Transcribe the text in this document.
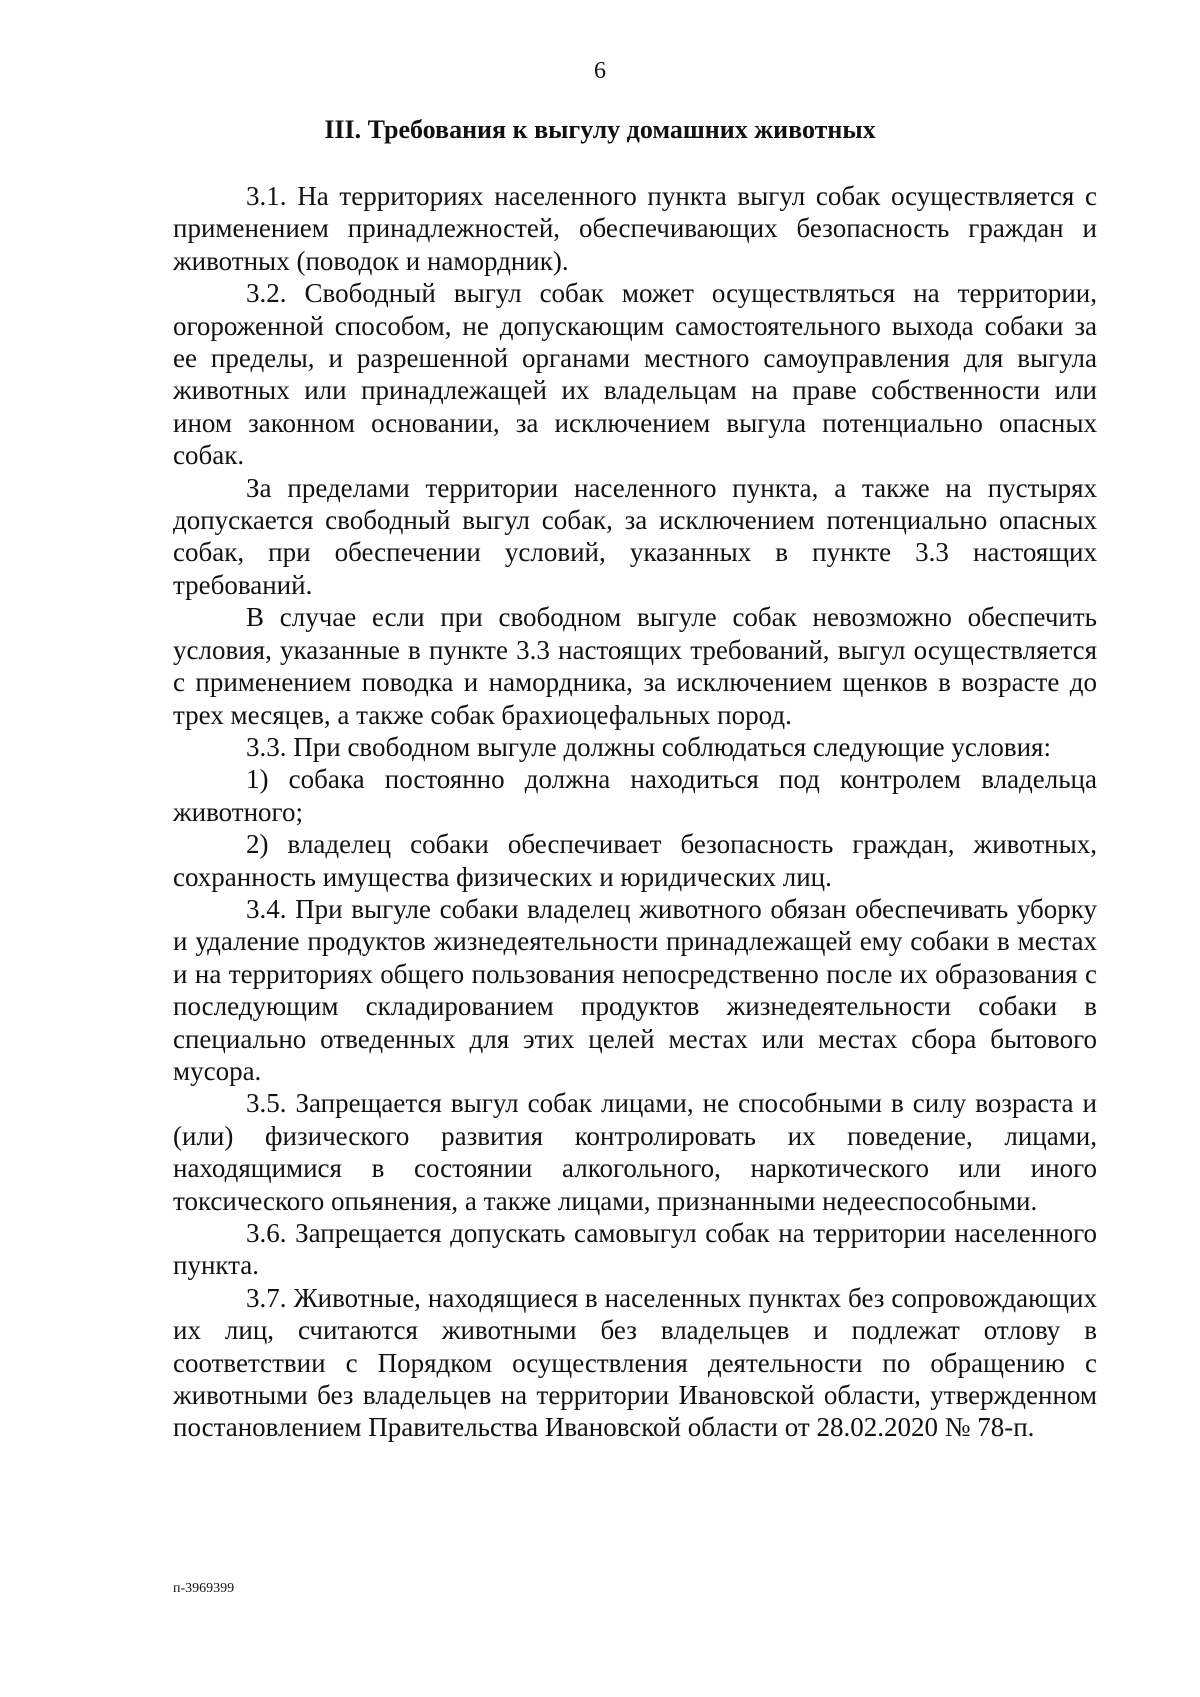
6
III. Требования к выгулу домашних животных

3.1. На территориях населенного пункта выгул собак осуществляется с применением принадлежностей, обеспечивающих безопасность граждан и животных (поводок и намордник).

3.2. Свободный выгул собак может осуществляться на территории, огороженной способом, не допускающим самостоятельного выхода собаки за ее пределы, и разрешенной органами местного самоуправления для выгула животных или принадлежащей их владельцам на праве собственности или ином законном основании, за исключением выгула потенциально опасных собак.

За пределами территории населенного пункта, а также на пустырях допускается свободный выгул собак, за исключением потенциально опасных собак, при обеспечении условий, указанных в пункте 3.3 настоящих требований.

В случае если при свободном выгуле собак невозможно обеспечить условия, указанные в пункте 3.3 настоящих требований, выгул осуществляется с применением поводка и намордника, за исключением щенков в возрасте до трех месяцев, а также собак брахиоцефальных пород.

3.3. При свободном выгуле должны соблюдаться следующие условия:

1) собака постоянно должна находиться под контролем владельца животного;

2) владелец собаки обеспечивает безопасность граждан, животных, сохранность имущества физических и юридических лиц.

3.4. При выгуле собаки владелец животного обязан обеспечивать уборку и удаление продуктов жизнедеятельности принадлежащей ему собаки в местах и на территориях общего пользования непосредственно после их образования с последующим складированием продуктов жизнедеятельности собаки в специально отведенных для этих целей местах или местах сбора бытового мусора.

3.5. Запрещается выгул собак лицами, не способными в силу возраста и (или) физического развития контролировать их поведение, лицами, находящимися в состоянии алкогольного, наркотического или иного токсического опьянения, а также лицами, признанными недееспособными.

3.6. Запрещается допускать самовыгул собак на территории населенного пункта.

3.7. Животные, находящиеся в населенных пунктах без сопровождающих их лиц, считаются животными без владельцев и подлежат отлову в соответствии с Порядком осуществления деятельности по обращению с животными без владельцев на территории Ивановской области, утвержденном постановлением Правительства Ивановской области от 28.02.2020 № 78-п.

п-3969399
